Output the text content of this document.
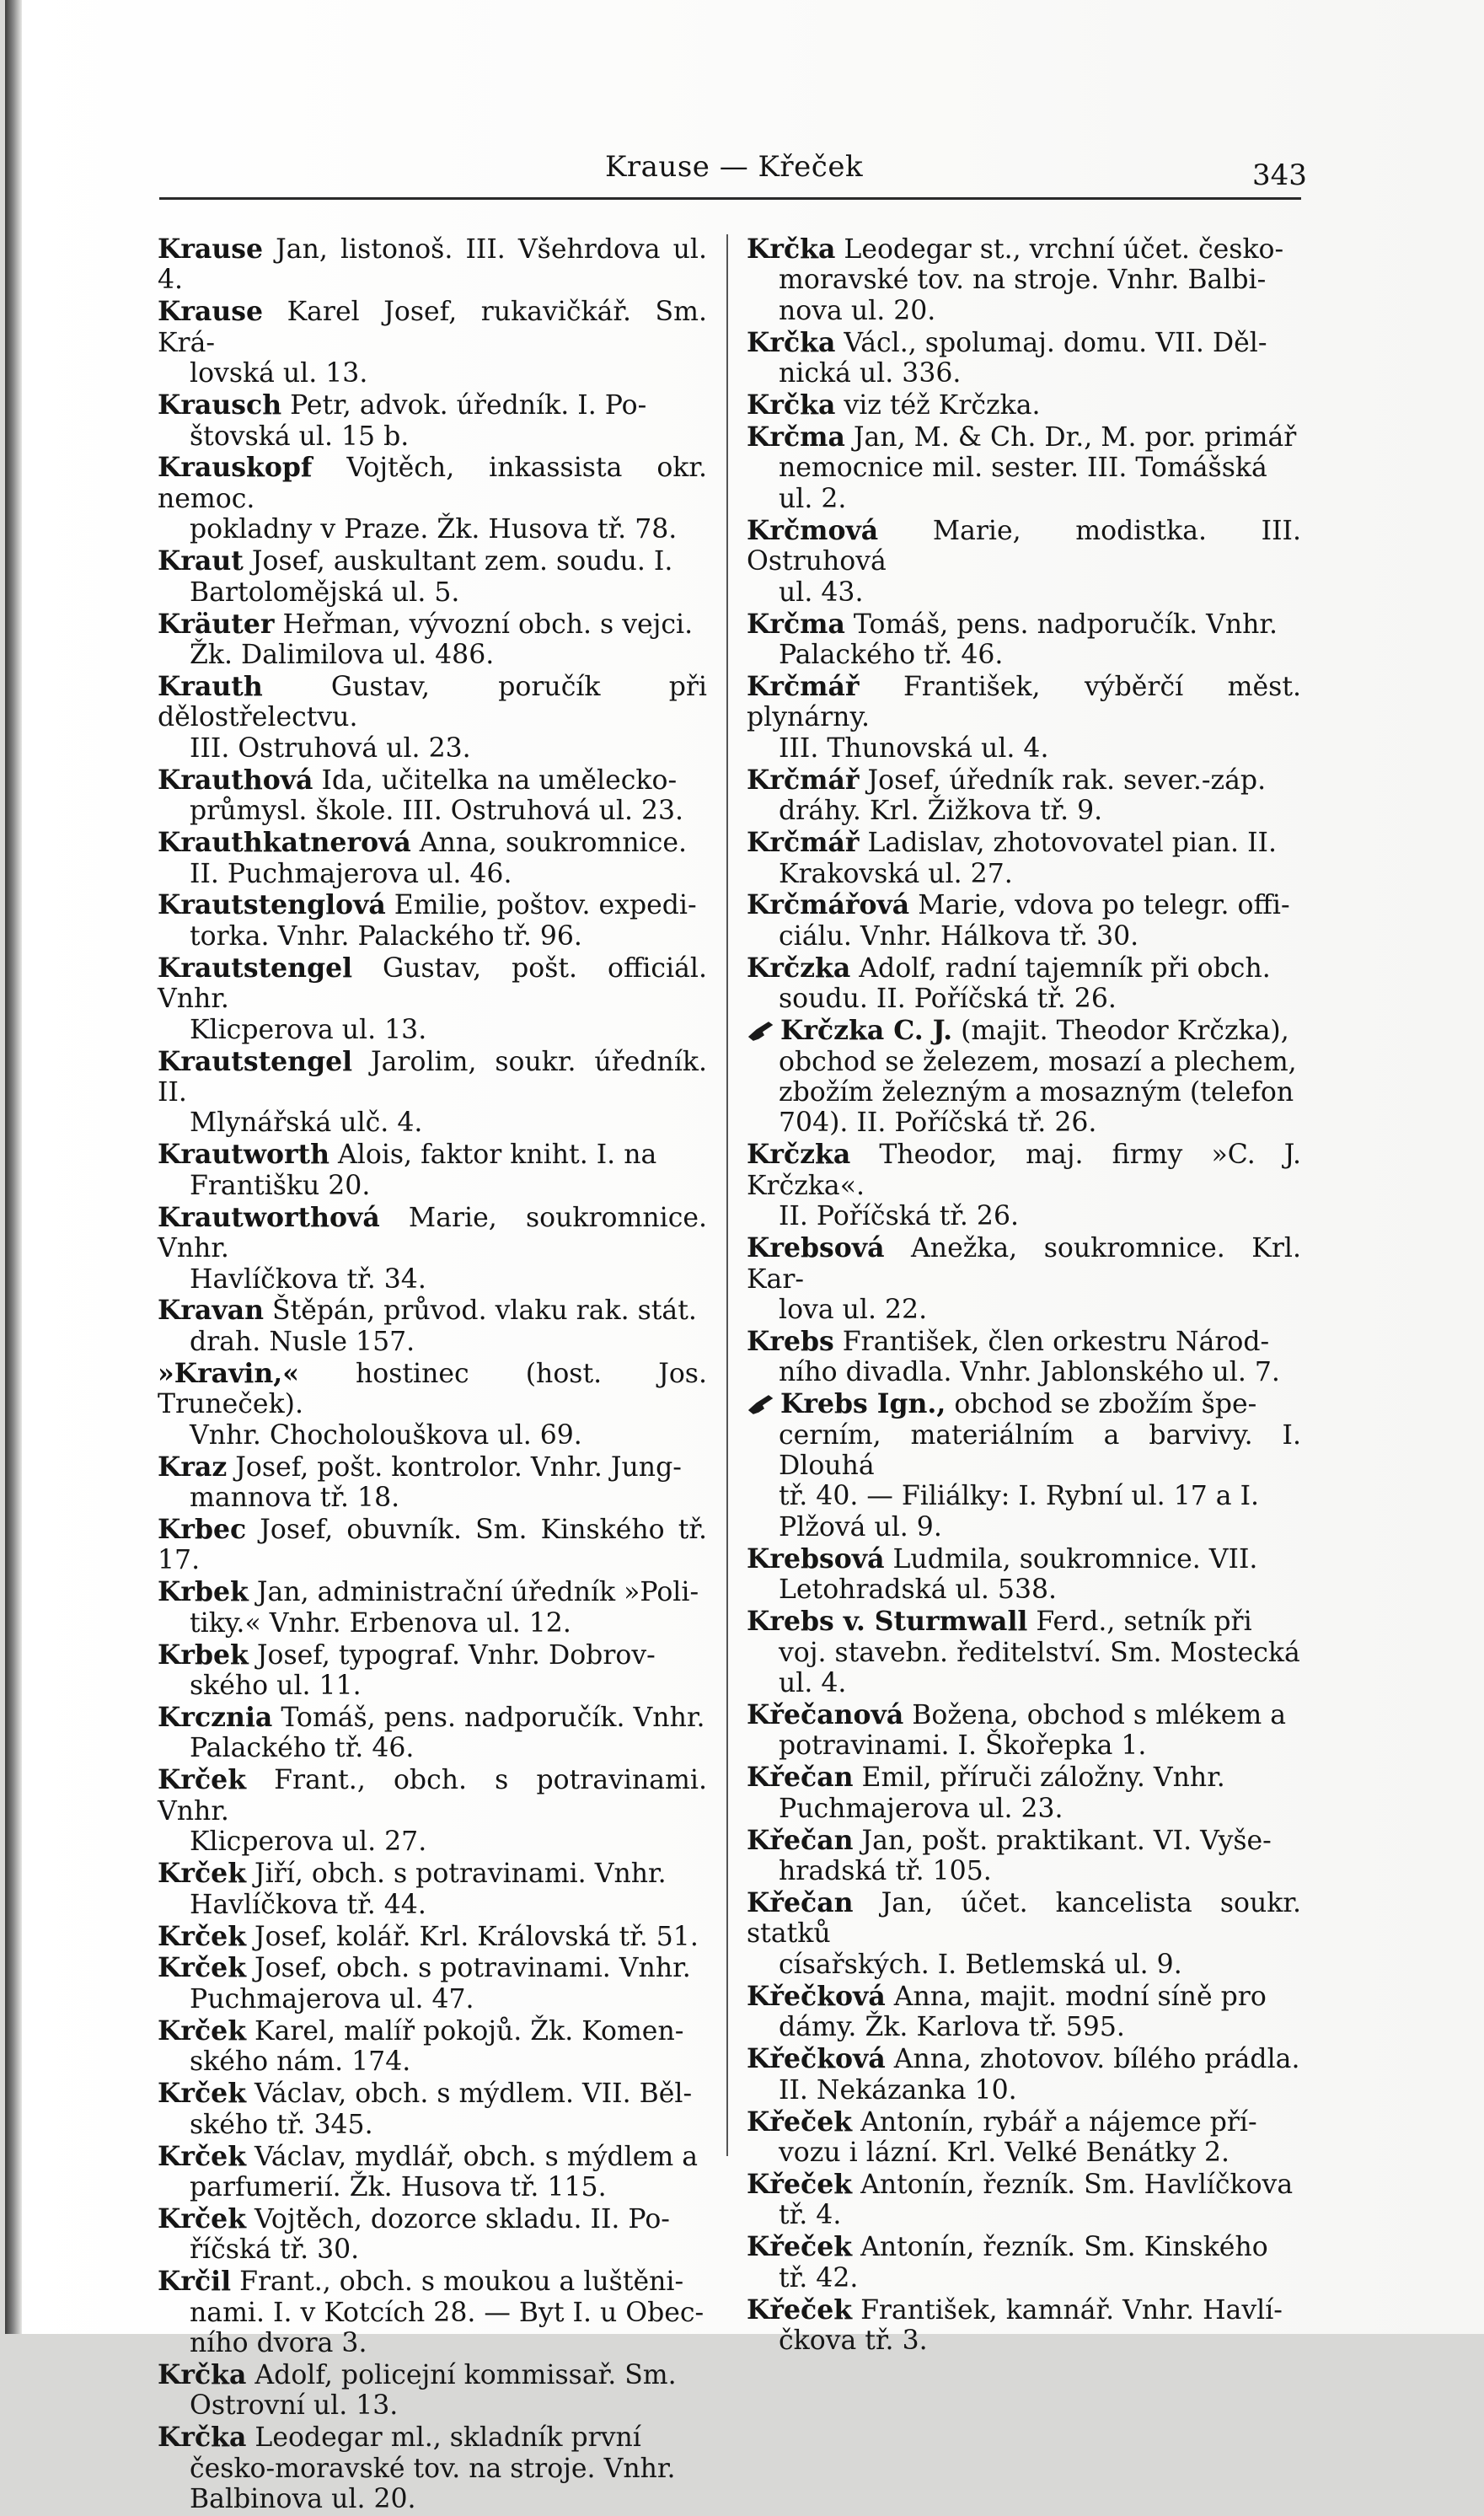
Krause — Křeček	343
Krause Jan, listonoš. III. Všehrdova ul. 4.
Krause Karel Josef, rukavičkář. Sm. Krá-
lovská ul. 13.
Krausch Petr, advok. úředník. I. Po-
štovská ul. 15 b.
Krauskopf Vojtěch, inkassista okr. nemoc.
pokladny v Praze. Žk. Husova tř. 78.
Kraut Josef, auskultant zem. soudu. I.
Bartolomějská ul. 5.
Kräuter Heřman, vývozní obch. s vejci.
Žk. Dalimilova ul. 486.
Krauth Gustav, poručík při dělostřelectvu.
III. Ostruhová ul. 23.
Krauthová Ida, učitelka na umělecko-
průmysl. škole. III. Ostruhová ul. 23.
Krauthkatnerová Anna, soukromnice.
II. Puchmajerova ul. 46.
Krautstenglová Emilie, poštov. expedi-
torka. Vnhr. Palackého tř. 96.
Krautstengel Gustav, pošt. officiál. Vnhr.
Klicperova ul. 13.
Krautstengel Jarolim, soukr. úředník. II.
Mlynářská ulč. 4.
Krautworth Alois, faktor kniht. I. na
Františku 20.
Krautworthová Marie, soukromnice. Vnhr.
Havlíčkova tř. 34.
Kravan Štěpán, průvod. vlaku rak. stát.
drah. Nusle 157.
»Kravin,« hostinec (host. Jos. Truneček).
Vnhr. Chocholouškova ul. 69.
Kraz Josef, pošt. kontrolor. Vnhr. Jung-
mannova tř. 18.
Krbec Josef, obuvník. Sm. Kinského tř. 17.
Krbek Jan, administrační úředník »Poli-
tiky.« Vnhr. Erbenova ul. 12.
Krbek Josef, typograf. Vnhr. Dobrov-
ského ul. 11.
Krcznia Tomáš, pens. nadporučík. Vnhr.
Palackého tř. 46.
Krček Frant., obch. s potravinami. Vnhr.
Klicperova ul. 27.
Krček Jiří, obch. s potravinami. Vnhr.
Havlíčkova tř. 44.
Krček Josef, kolář. Krl. Královská tř. 51.
Krček Josef, obch. s potravinami. Vnhr.
Puchmajerova ul. 47.
Krček Karel, malíř pokojů. Žk. Komen-
ského nám. 174.
Krček Václav, obch. s mýdlem. VII. Běl-
ského tř. 345.
Krček Václav, mydlář, obch. s mýdlem a
parfumerií. Žk. Husova tř. 115.
Krček Vojtěch, dozorce skladu. II. Po-
říčská tř. 30.
Krčil Frant., obch. s moukou a luštěni-
nami. I. v Kotcích 28. — Byt I. u Obec-
ního dvora 3.
Krčka Adolf, policejní kommissař. Sm.
Ostrovní ul. 13.
Krčka Leodegar ml., skladník první
česko-moravské tov. na stroje. Vnhr.
Balbinova ul. 20.
Krčka Leodegar st., vrchní účet. česko-
moravské tov. na stroje. Vnhr. Balbi-
nova ul. 20.
Krčka Václ., spolumaj. domu. VII. Děl-
nická ul. 336.
Krčka viz též Krčzka.
Krčma Jan, M. & Ch. Dr., M. por. primář
nemocnice mil. sester. III. Tomášská
ul. 2.
Krčmová Marie, modistka. III. Ostruhová
ul. 43.
Krčma Tomáš, pens. nadporučík. Vnhr.
Palackého tř. 46.
Krčmář František, výběrčí měst. plynárny.
III. Thunovská ul. 4.
Krčmář Josef, úředník rak. sever.-záp.
dráhy. Krl. Žižkova tř. 9.
Krčmář Ladislav, zhotovovatel pian. II.
Krakovská ul. 27.
Krčmářová Marie, vdova po telegr. offi-
ciálu. Vnhr. Hálkova tř. 30.
Krčzka Adolf, radní tajemník při obch.
soudu. II. Poříčská tř. 26.
Krčzka C. J. (majit. Theodor Krčzka),
obchod se železem, mosazí a plechem,
zbožím železným a mosazným (telefon
704). II. Poříčská tř. 26.
Krčzka Theodor, maj. firmy »C. J. Krčzka«.
II. Poříčská tř. 26.
Krebsová Anežka, soukromnice. Krl. Kar-
lova ul. 22.
Krebs František, člen orkestru Národ-
ního divadla. Vnhr. Jablonského ul. 7.
Krebs Ign., obchod se zbožím špe-
cerním, materiálním a barvivy. I. Dlouhá
tř. 40. — Filiálky: I. Rybní ul. 17 a I.
Plžová ul. 9.
Krebsová Ludmila, soukromnice. VII.
Letohradská ul. 538.
Krebs v. Sturmwall Ferd., setník při
voj. stavebn. ředitelství. Sm. Mostecká
ul. 4.
Křečanová Božena, obchod s mlékem a
potravinami. I. Škořepka 1.
Křečan Emil, příruči záložny. Vnhr.
Puchmajerova ul. 23.
Křečan Jan, pošt. praktikant. VI. Vyše-
hradská tř. 105.
Křečan Jan, účet. kancelista soukr. statků
císařských. I. Betlemská ul. 9.
Křečková Anna, majit. modní síně pro
dámy. Žk. Karlova tř. 595.
Křečková Anna, zhotovov. bílého prádla.
II. Nekázanka 10.
Křeček Antonín, rybář a nájemce pří-
vozu i lázní. Krl. Velké Benátky 2.
Křeček Antonín, řezník. Sm. Havlíčkova
tř. 4.
Křeček Antonín, řezník. Sm. Kinského
tř. 42.
Křeček František, kamnář. Vnhr. Havlí-
čkova tř. 3.
